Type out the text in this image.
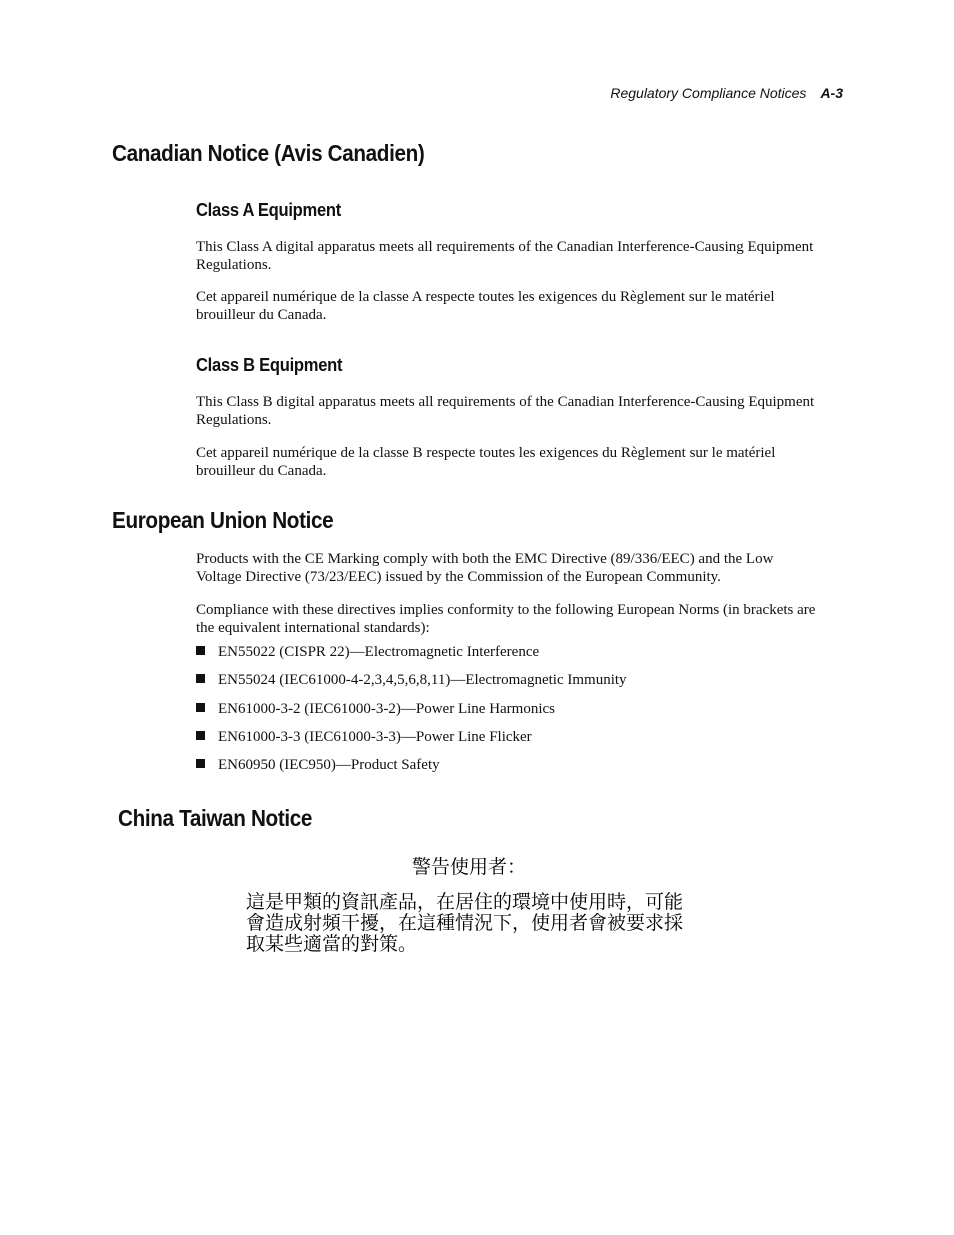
Regulatory Compliance Notices A-3
Canadian Notice (Avis Canadien)
Class A Equipment

This Class A digital apparatus meets all requirements of the Canadian Interference-Causing Equipment Regulations.

Cet appareil numérique de la classe A respecte toutes les exigences du Règlement sur le matériel brouilleur du Canada.

Class B Equipment

This Class B digital apparatus meets all requirements of the Canadian Interference-Causing Equipment Regulations.

Cet appareil numérique de la classe B respecte toutes les exigences du Règlement sur le matériel brouilleur du Canada.

European Union Notice

Products with the CE Marking comply with both the EMC Directive (89/336/EEC) and the Low Voltage Directive (73/23/EEC) issued by the Commission of the European Community.

Compliance with these directives implies conformity to the following European Norms (in brackets are the equivalent international standards):

EN55022 (CISPR 22)—Electromagnetic Interference
EN55024 (IEC61000-4-2,3,4,5,6,8,11)—Electromagnetic Immunity
EN61000-3-2 (IEC61000-3-2)—Power Line Harmonics
EN61000-3-3 (IEC61000-3-3)—Power Line Flicker
EN60950 (IEC950)—Product Safety
China Taiwan Notice
警告使用者：
這是甲類的資訊產品，在居住的環境中使用時，可能
會造成射頻干擾，在這種情況下，使用者會被要求採
取某些適當的對策。
